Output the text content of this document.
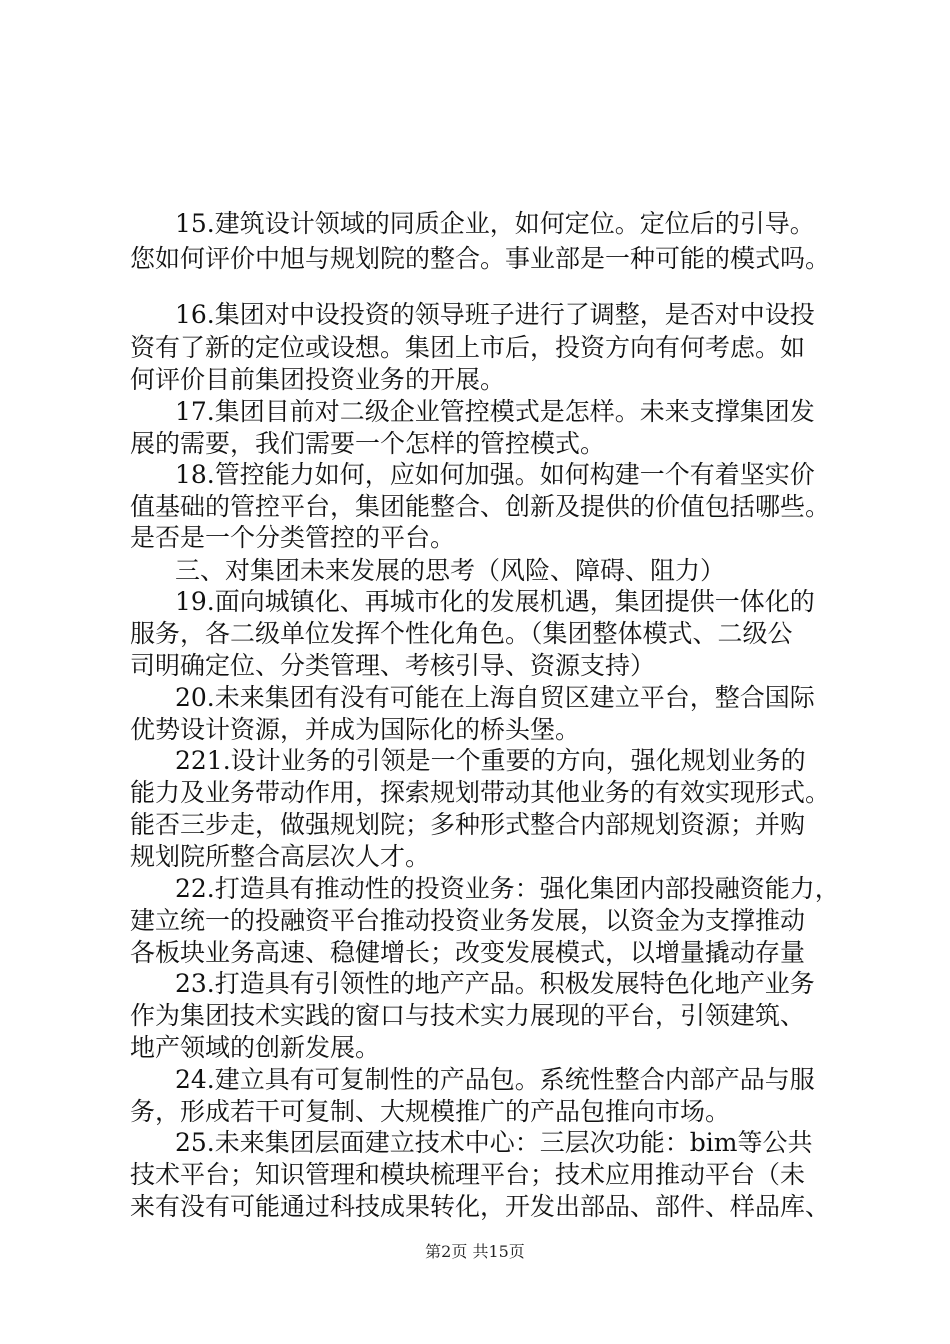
15.建筑设计领域的同质企业，如何定位。定位后的引导。
您如何评价中旭与规划院的整合。事业部是一种可能的模式吗。
16.集团对中设投资的领导班子进行了调整，是否对中设投
资有了新的定位或设想。集团上市后，投资方向有何考虑。如
何评价目前集团投资业务的开展。
17.集团目前对二级企业管控模式是怎样。未来支撑集团发
展的需要，我们需要一个怎样的管控模式。
18.管控能力如何，应如何加强。如何构建一个有着坚实价
值基础的管控平台，集团能整合、创新及提供的价值包括哪些。
是否是一个分类管控的平台。
三、对集团未来发展的思考（风险、障碍、阻力）
19.面向城镇化、再城市化的发展机遇，集团提供一体化的
服务，各二级单位发挥个性化角色。（集团整体模式、二级公
司明确定位、分类管理、考核引导、资源支持）
20.未来集团有没有可能在上海自贸区建立平台，整合国际
优势设计资源，并成为国际化的桥头堡。
221.设计业务的引领是一个重要的方向，强化规划业务的
能力及业务带动作用，探索规划带动其他业务的有效实现形式。
能否三步走，做强规划院；多种形式整合内部规划资源；并购
规划院所整合高层次人才。
22.打造具有推动性的投资业务：强化集团内部投融资能力，
建立统一的投融资平台推动投资业务发展，以资金为支撑推动
各板块业务高速、稳健增长；改变发展模式，以增量撬动存量
23.打造具有引领性的地产产品。积极发展特色化地产业务
作为集团技术实践的窗口与技术实力展现的平台，引领建筑、
地产领域的创新发展。
24.建立具有可复制性的产品包。系统性整合内部产品与服
务，形成若干可复制、大规模推广的产品包推向市场。
25.未来集团层面建立技术中心：三层次功能：bim等公共
技术平台；知识管理和模块梳理平台；技术应用推动平台（未
来有没有可能通过科技成果转化，开发出部品、部件、样品库、
第2页 共15页
